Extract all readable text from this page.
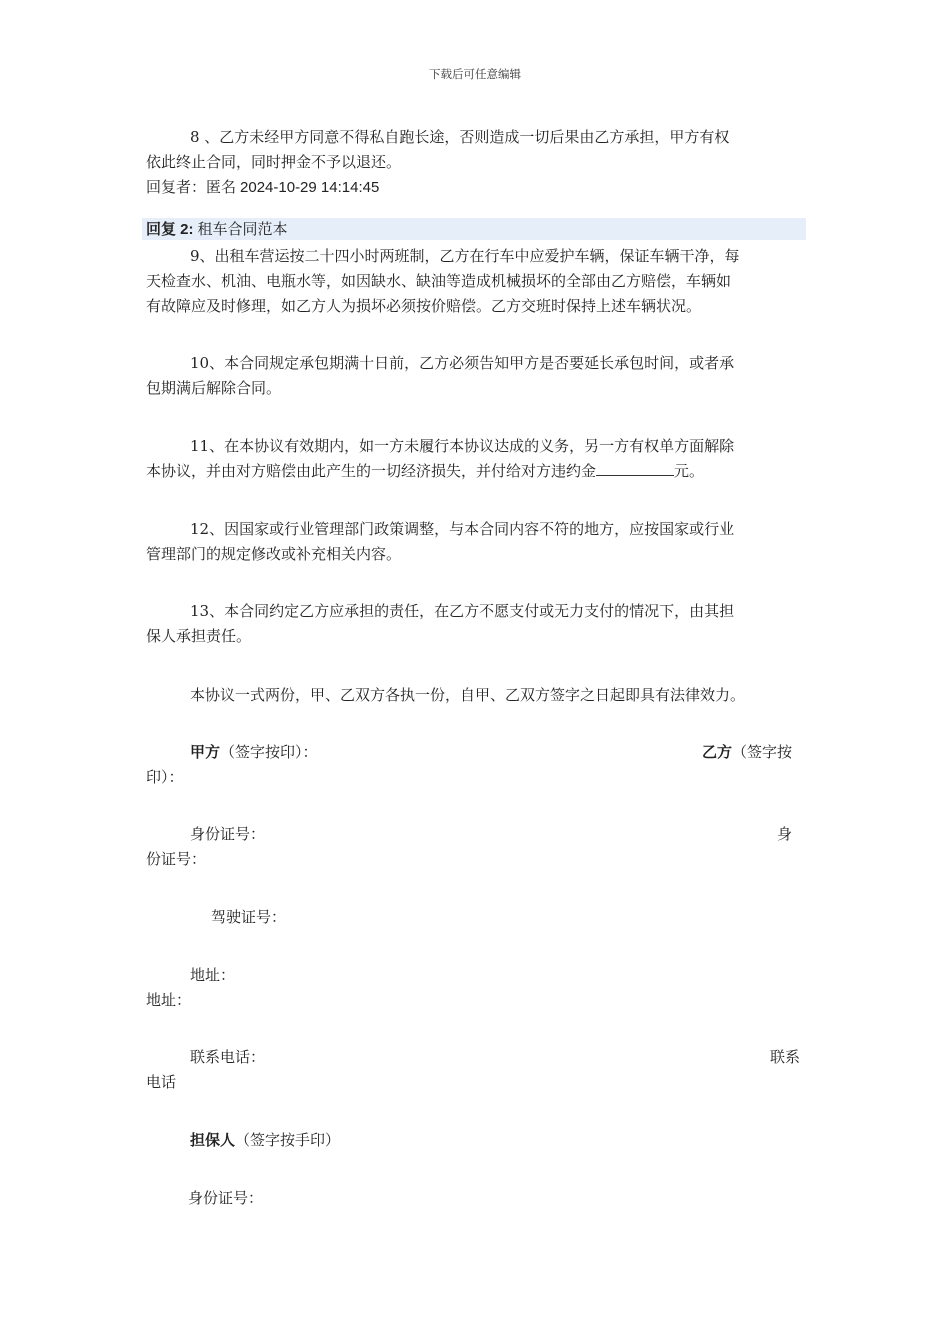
下载后可任意编辑
8 、乙方未经甲方同意不得私自跑长途，否则造成一切后果由乙方承担，甲方有权
依此终止合同，同时押金不予以退还。
回复者：匿名 2024-10-29 14:14:45
回复 2: 租车合同范本
9、出租车营运按二十四小时两班制，乙方在行车中应爱护车辆，保证车辆干净，每
天检查水、机油、电瓶水等，如因缺水、缺油等造成机械损坏的全部由乙方赔偿，车辆如
有故障应及时修理，如乙方人为损坏必须按价赔偿。乙方交班时保持上述车辆状况。
10、本合同规定承包期满十日前，乙方必须告知甲方是否要延长承包时间，或者承
包期满后解除合同。
11、在本协议有效期内，如一方未履行本协议达成的义务，另一方有权单方面解除
本协议，并由对方赔偿由此产生的一切经济损失，并付给对方违约金	元。
12、因国家或行业管理部门政策调整，与本合同内容不符的地方，应按国家或行业
管理部门的规定修改或补充相关内容。
13、本合同约定乙方应承担的责任，在乙方不愿支付或无力支付的情况下，由其担
保人承担责任。
本协议一式两份，甲、乙双方各执一份，自甲、乙双方签字之日起即具有法律效力。
甲方（签字按印）：	乙方（签字按
印）：
身份证号：	身
份证号：
驾驶证号：
地址：
地址：
联系电话：	联系
电话
担保人（签字按手印）
身份证号：
